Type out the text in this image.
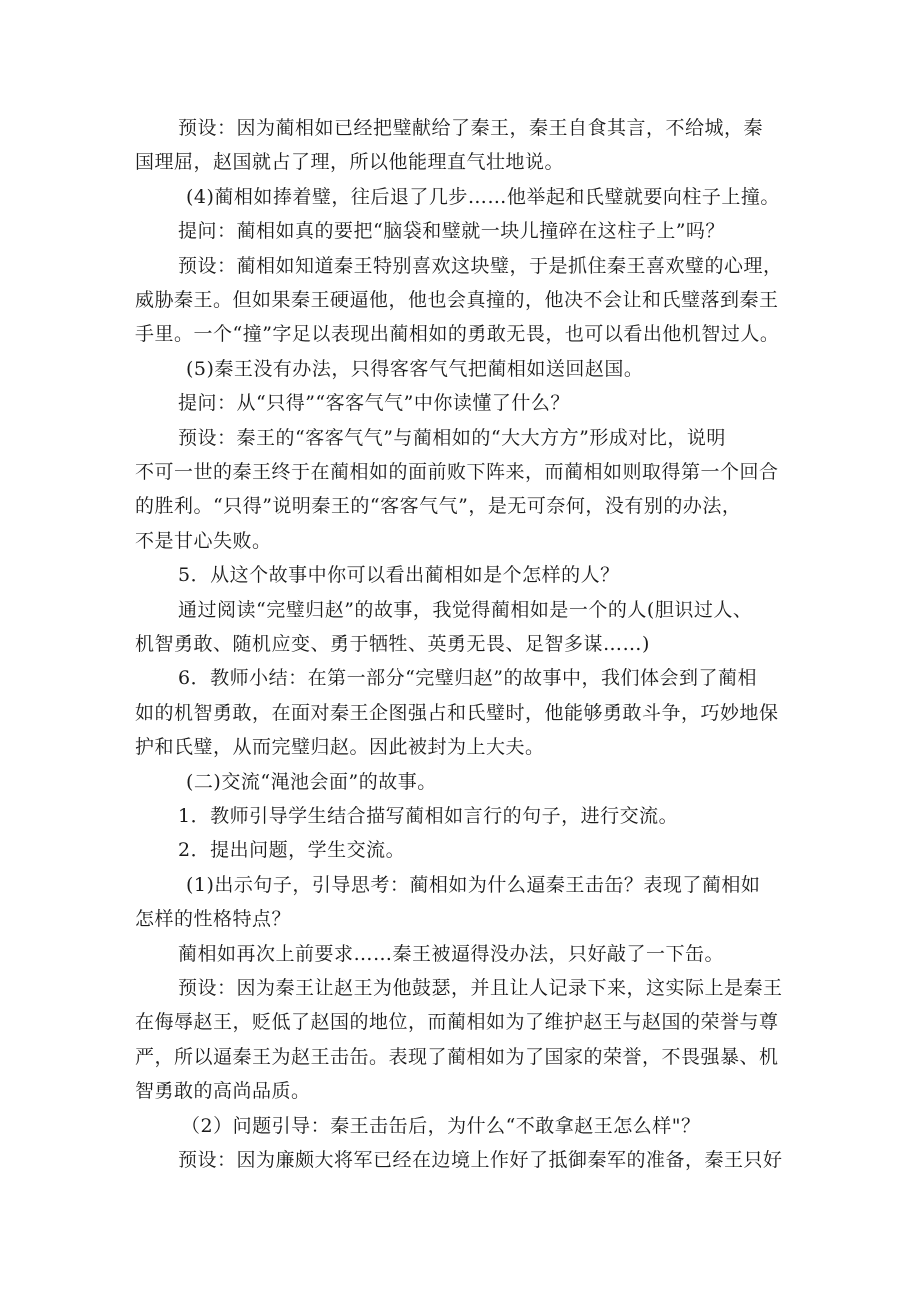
预设：因为蔺相如已经把璧献给了秦王，秦王自食其言，不给城，秦
国理屈，赵国就占了理，所以他能理直气壮地说。
(4)蔺相如捧着璧，往后退了几步……他举起和氏璧就要向柱子上撞。
提问：蔺相如真的要把“脑袋和璧就一块儿撞碎在这柱子上”吗？
预设：蔺相如知道秦王特别喜欢这块璧，于是抓住秦王喜欢璧的心理，
威胁秦王。但如果秦王硬逼他，他也会真撞的，他决不会让和氏璧落到秦王
手里。一个“撞”字足以表现出蔺相如的勇敢无畏，也可以看出他机智过人。
(5)秦王没有办法，只得客客气气把蔺相如送回赵国。
提问：从“只得”“客客气气”中你读懂了什么？
预设：秦王的“客客气气”与蔺相如的“大大方方”形成对比，说明
不可一世的秦王终于在蔺相如的面前败下阵来，而蔺相如则取得第一个回合
的胜利。“只得”说明秦王的“客客气气”，是无可奈何，没有别的办法，
不是甘心失败。
5．从这个故事中你可以看出蔺相如是个怎样的人？
通过阅读“完璧归赵”的故事，我觉得蔺相如是一个的人(胆识过人、
机智勇敢、随机应变、勇于牺牲、英勇无畏、足智多谋……)
6．教师小结：在第一部分“完璧归赵”的故事中，我们体会到了蔺相
如的机智勇敢，在面对秦王企图强占和氏璧时，他能够勇敢斗争，巧妙地保
护和氏璧，从而完璧归赵。因此被封为上大夫。
(二)交流“渑池会面”的故事。
1．教师引导学生结合描写蔺相如言行的句子，进行交流。
2．提出问题，学生交流。
(1)出示句子，引导思考：蔺相如为什么逼秦王击缶？表现了蔺相如
怎样的性格特点？
蔺相如再次上前要求……秦王被逼得没办法，只好敲了一下缶。
预设：因为秦王让赵王为他鼓瑟，并且让人记录下来，这实际上是秦王
在侮辱赵王，贬低了赵国的地位，而蔺相如为了维护赵王与赵国的荣誉与尊
严，所以逼秦王为赵王击缶。表现了蔺相如为了国家的荣誉，不畏强暴、机
智勇敢的高尚品质。
（2）问题引导：秦王击缶后，为什么“不敢拿赵王怎么样"？
预设：因为廉颇大将军已经在边境上作好了抵御秦军的准备，秦王只好
